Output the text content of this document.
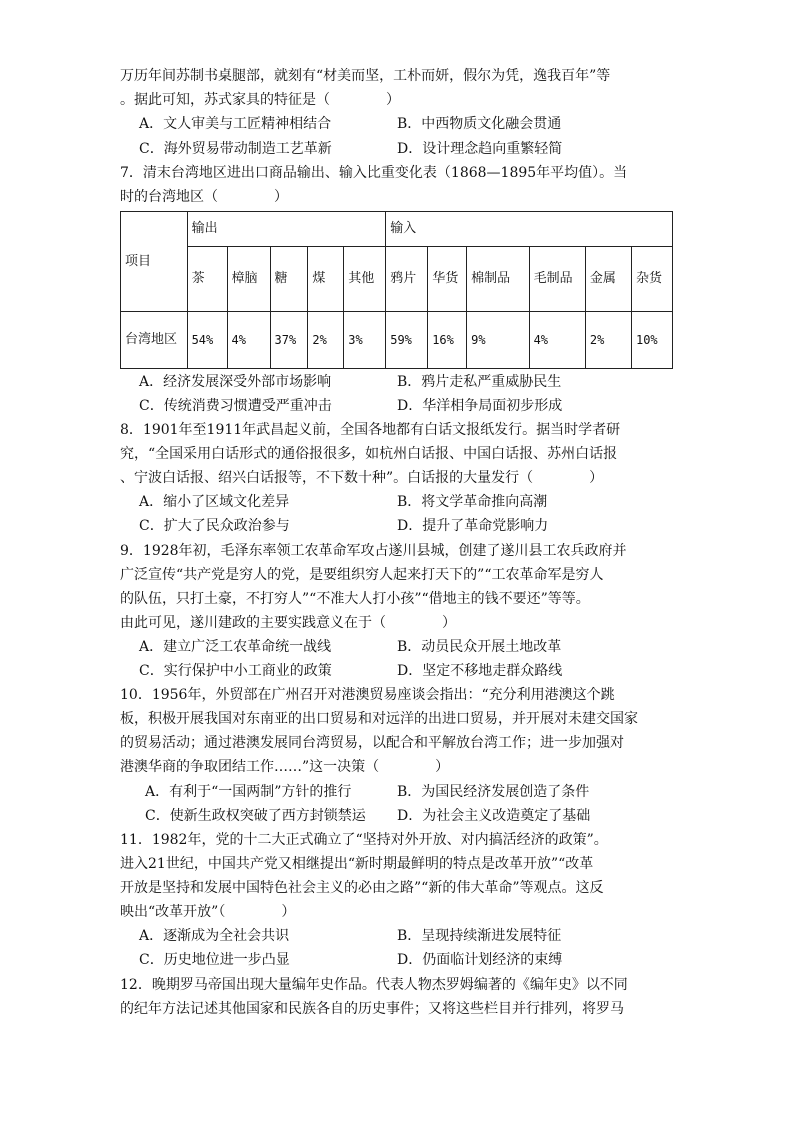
万历年间苏制书桌腿部，就刻有“材美而坚，工朴而妍，假尔为凭，逸我百年”等
。据此可知，苏式家具的特征是（　　　　）
A．文人审美与工匠精神相结合	B．中西物质文化融会贯通
C．海外贸易带动制造工艺革新	D．设计理念趋向重繁轻简
7．清末台湾地区进出口商品输出、输入比重变化表（1868—1895年平均值）。当
时的台湾地区（　　　　）
项目	输出					输入					
	茶	樟脑	糖	煤	其他	鸦片	华货	棉制品	毛制品	金属	杂货
台湾地区	54%	4%	37%	2%	3%	59%	16%	9%	4%	2%	10%
A．经济发展深受外部市场影响	B．鸦片走私严重威胁民生
C．传统消费习惯遭受严重冲击	D．华洋相争局面初步形成
8．1901年至1911年武昌起义前，全国各地都有白话文报纸发行。据当时学者研
究，“全国采用白话形式的通俗报很多，如杭州白话报、中国白话报、苏州白话报
、宁波白话报、绍兴白话报等，不下数十种”。白话报的大量发行（　　　　）
A．缩小了区域文化差异	B．将文学革命推向高潮
C．扩大了民众政治参与	D．提升了革命党影响力
9．1928年初，毛泽东率领工农革命军攻占遂川县城，创建了遂川县工农兵政府并
广泛宣传“共产党是穷人的党，是要组织穷人起来打天下的”“工农革命军是穷人
的队伍，只打土豪，不打穷人”“不准大人打小孩”“借地主的钱不要还”等等。
由此可见，遂川建政的主要实践意义在于（　　　　）
A．建立广泛工农革命统一战线	B．动员民众开展土地改革
C．实行保护中小工商业的政策	D．坚定不移地走群众路线
10．1956年，外贸部在广州召开对港澳贸易座谈会指出：“充分利用港澳这个跳
板，积极开展我国对东南亚的出口贸易和对远洋的出进口贸易，并开展对未建交国家
的贸易活动；通过港澳发展同台湾贸易，以配合和平解放台湾工作；进一步加强对
港澳华商的争取团结工作……”这一决策（　　　　）
A．有利于“一国两制”方针的推行	B．为国民经济发展创造了条件
C．使新生政权突破了西方封锁禁运 D．为社会主义改造奠定了基础
11．1982年，党的十二大正式确立了“坚持对外开放、对内搞活经济的政策”。
进入21世纪，中国共产党又相继提出“新时期最鲜明的特点是改革开放”“改革
开放是坚持和发展中国特色社会主义的必由之路”“新的伟大革命”等观点。这反
映出“改革开放”（　　　　）
A．逐渐成为全社会共识	B．呈现持续渐进发展特征
C．历史地位进一步凸显	D．仍面临计划经济的束缚
12．晚期罗马帝国出现大量编年史作品。代表人物杰罗姆编著的《编年史》以不同
的纪年方法记述其他国家和民族各自的历史事件；又将这些栏目并行排列，将罗马
